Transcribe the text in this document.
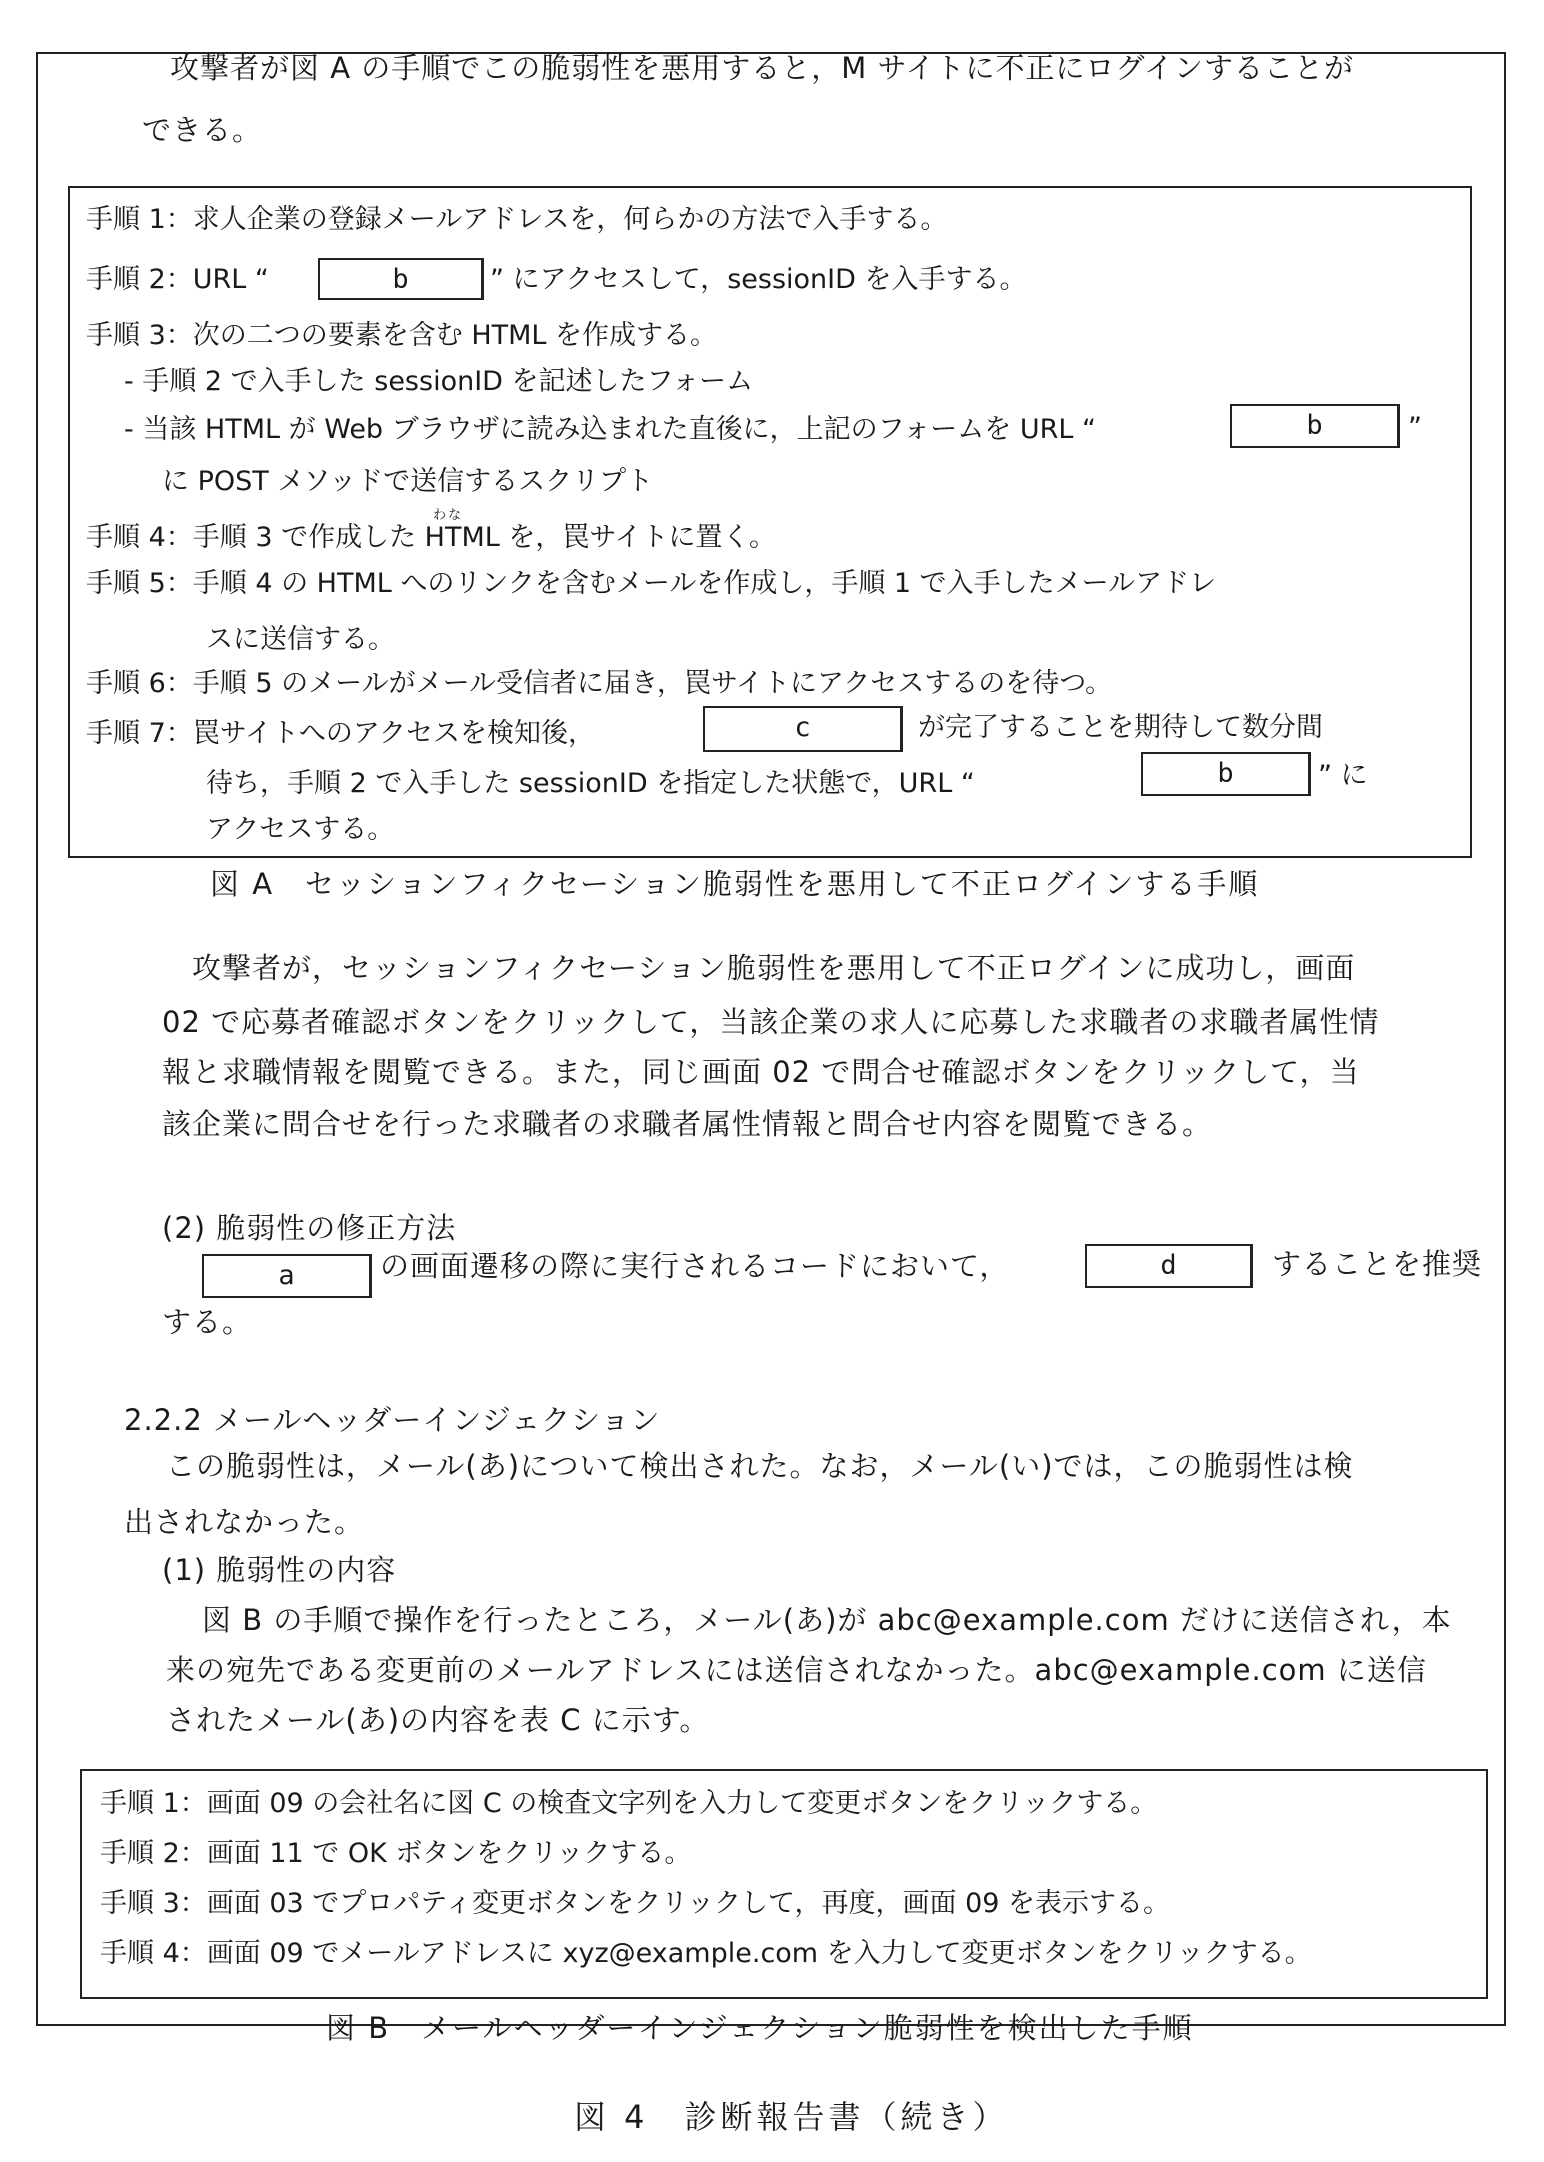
攻撃者が図 A の手順でこの脆弱性を悪用すると，M サイトに不正にログインすることが
できる。
手順 1：求人企業の登録メールアドレスを，何らかの方法で入手する。
手順 2：URL “	b	” にアクセスして，sessionID を入手する。
手順 3：次の二つの要素を含む HTML を作成する。
- 手順 2 で入手した sessionID を記述したフォーム
- 当該 HTML が Web ブラウザに読み込まれた直後に，上記のフォームを URL “	b	”
に POST メソッドで送信するスクリプト
わな
手順 4：手順 3 で作成した HTML を，罠サイトに置く。
手順 5：手順 4 の HTML へのリンクを含むメールを作成し，手順 1 で入手したメールアドレ
スに送信する。
手順 6：手順 5 のメールがメール受信者に届き，罠サイトにアクセスするのを待つ。
手順 7：罠サイトへのアクセスを検知後，	c	が完了することを期待して数分間
待ち，手順 2 で入手した sessionID を指定した状態で，URL “	b	” に
アクセスする。
図 A　セッションフィクセーション脆弱性を悪用して不正ログインする手順
攻撃者が，セッションフィクセーション脆弱性を悪用して不正ログインに成功し，画面
02 で応募者確認ボタンをクリックして，当該企業の求人に応募した求職者の求職者属性情
報と求職情報を閲覧できる。また，同じ画面 02 で問合せ確認ボタンをクリックして，当
該企業に問合せを行った求職者の求職者属性情報と問合せ内容を閲覧できる。
(2) 脆弱性の修正方法
a	の画面遷移の際に実行されるコードにおいて，	d	することを推奨
する。
2.2.2 メールヘッダーインジェクション
この脆弱性は，メール(あ)について検出された。なお，メール(い)では，この脆弱性は検
出されなかった。
(1) 脆弱性の内容
図 B の手順で操作を行ったところ，メール(あ)が abc@example.com だけに送信され，本
来の宛先である変更前のメールアドレスには送信されなかった。abc@example.com に送信
されたメール(あ)の内容を表 C に示す。
手順 1：画面 09 の会社名に図 C の検査文字列を入力して変更ボタンをクリックする。
手順 2：画面 11 で OK ボタンをクリックする。
手順 3：画面 03 でプロパティ変更ボタンをクリックして，再度，画面 09 を表示する。
手順 4：画面 09 でメールアドレスに xyz@example.com を入力して変更ボタンをクリックする。
図 B　メールヘッダーインジェクション脆弱性を検出した手順
図 4　診断報告書（続き）
